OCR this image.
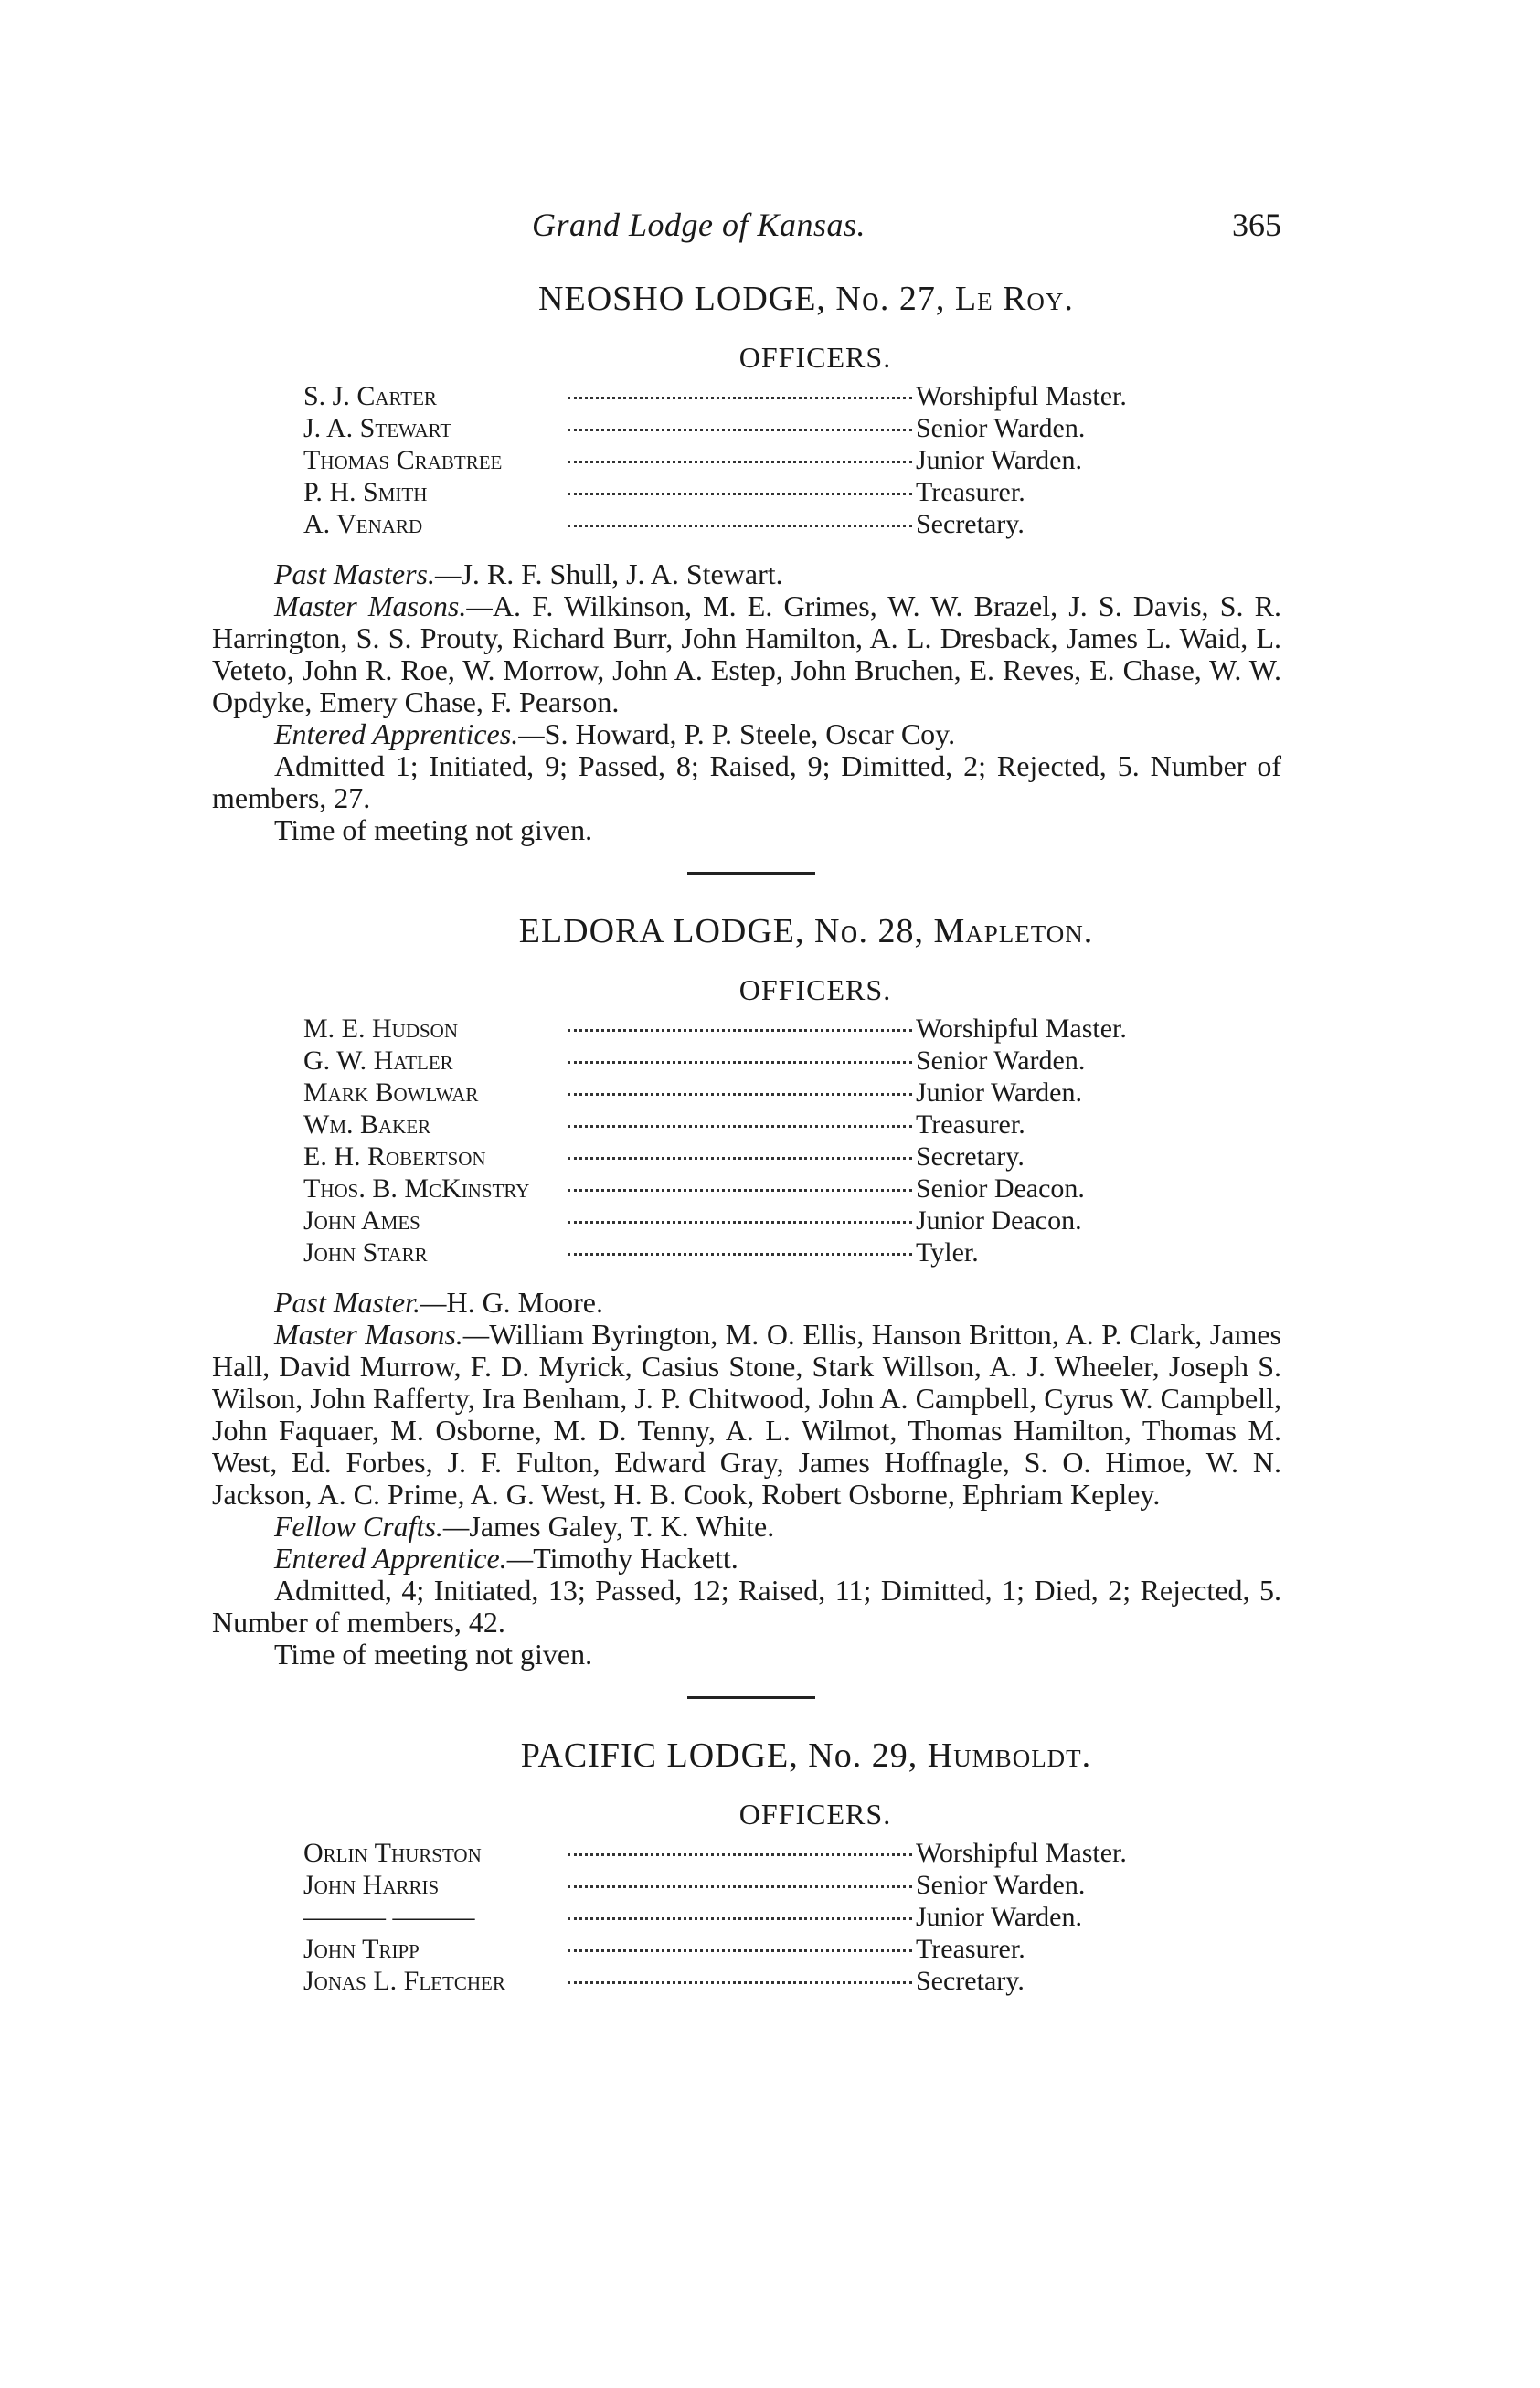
Grand Lodge of Kansas.	365
NEOSHO LODGE, No. 27, Le Roy.
OFFICERS.
S. J. Carter	Worshipful Master.
J. A. Stewart	Senior Warden.
Thomas Crabtree	Junior Warden.
P. H. Smith	Treasurer.
A. Venard	Secretary.

Past Masters.—J. R. F. Shull, J. A. Stewart.

Master Masons.—A. F. Wilkinson, M. E. Grimes, W. W. Brazel, J. S. Davis, S. R. Harrington, S. S. Prouty, Richard Burr, John Hamilton, A. L. Dresback, James L. Waid, L. Veteto, John R. Roe, W. Morrow, John A. Estep, John Bruchen, E. Reves, E. Chase, W. W. Opdyke, Emery Chase, F. Pearson.

Entered Apprentices.—S. Howard, P. P. Steele, Oscar Coy.

Admitted 1; Initiated, 9; Passed, 8; Raised, 9; Dimitted, 2; Rejected, 5. Number of members, 27.

Time of meeting not given.

ELDORA LODGE, No. 28, Mapleton.
OFFICERS.
M. E. Hudson	Worshipful Master.
G. W. Hatler	Senior Warden.
Mark Bowlwar	Junior Warden.
Wm. Baker	Treasurer.
E. H. Robertson	Secretary.
Thos. B. McKinstry	Senior Deacon.
John Ames	Junior Deacon.
John Starr	Tyler.

Past Master.—H. G. Moore.

Master Masons.—William Byrington, M. O. Ellis, Hanson Britton, A. P. Clark, James Hall, David Murrow, F. D. Myrick, Casius Stone, Stark Willson, A. J. Wheeler, Joseph S. Wilson, John Rafferty, Ira Benham, J. P. Chitwood, John A. Campbell, Cyrus W. Campbell, John Faquaer, M. Osborne, M. D. Tenny, A. L. Wilmot, Thomas Hamilton, Thomas M. West, Ed. Forbes, J. F. Fulton, Edward Gray, James Hoffnagle, S. O. Himoe, W. N. Jackson, A. C. Prime, A. G. West, H. B. Cook, Robert Osborne, Ephriam Kepley.

Fellow Crafts.—James Galey, T. K. White.

Entered Apprentice.—Timothy Hackett.

Admitted, 4; Initiated, 13; Passed, 12; Raised, 11; Dimitted, 1; Died, 2; Rejected, 5. Number of members, 42.

Time of meeting not given.

PACIFIC LODGE, No. 29, Humboldt.
OFFICERS.
Orlin Thurston	Worshipful Master.
John Harris	Senior Warden.
——— ———	Junior Warden.
John Tripp	Treasurer.
Jonas L. Fletcher	Secretary.
